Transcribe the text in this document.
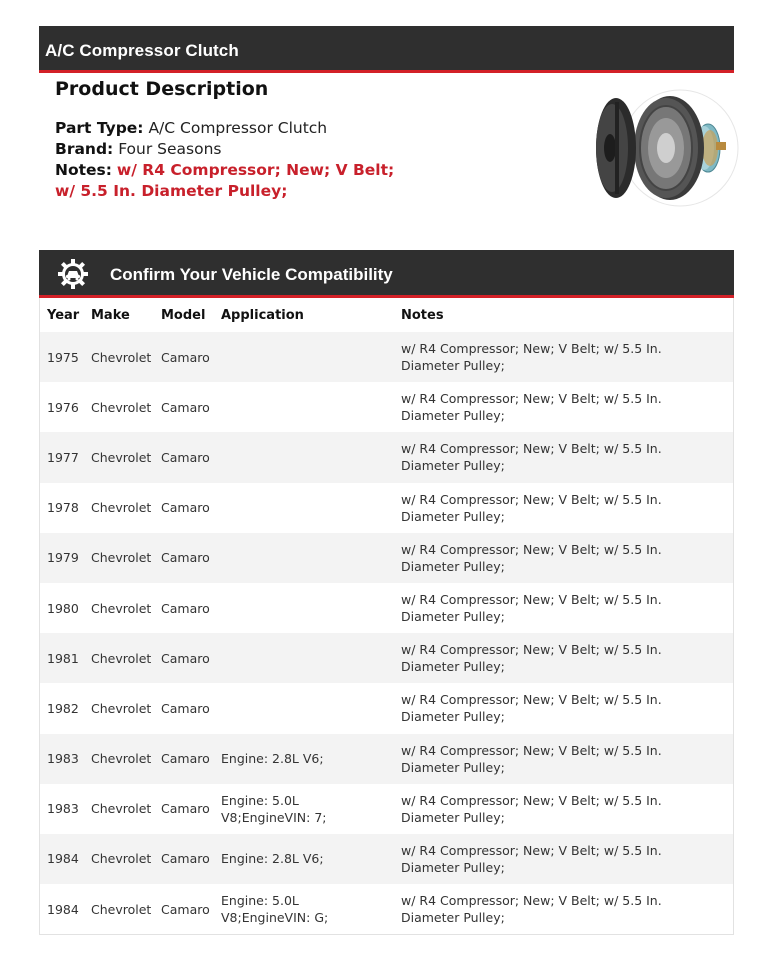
A/C Compressor Clutch
Product Description
Part Type: A/C Compressor Clutch
Brand: Four Seasons
Notes: w/ R4 Compressor; New; V Belt;
w/ 5.5 In. Diameter Pulley;
Confirm Your Vehicle Compatibility
Year	Make	Model	Application	Notes
1975	Chevrolet	Camaro		w/ R4 Compressor; New; V Belt; w/ 5.5 In. Diameter Pulley;
1976	Chevrolet	Camaro		w/ R4 Compressor; New; V Belt; w/ 5.5 In. Diameter Pulley;
1977	Chevrolet	Camaro		w/ R4 Compressor; New; V Belt; w/ 5.5 In. Diameter Pulley;
1978	Chevrolet	Camaro		w/ R4 Compressor; New; V Belt; w/ 5.5 In. Diameter Pulley;
1979	Chevrolet	Camaro		w/ R4 Compressor; New; V Belt; w/ 5.5 In. Diameter Pulley;
1980	Chevrolet	Camaro		w/ R4 Compressor; New; V Belt; w/ 5.5 In. Diameter Pulley;
1981	Chevrolet	Camaro		w/ R4 Compressor; New; V Belt; w/ 5.5 In. Diameter Pulley;
1982	Chevrolet	Camaro		w/ R4 Compressor; New; V Belt; w/ 5.5 In. Diameter Pulley;
1983	Chevrolet	Camaro	Engine: 2.8L V6;	w/ R4 Compressor; New; V Belt; w/ 5.5 In. Diameter Pulley;
1983	Chevrolet	Camaro	Engine: 5.0L V8;EngineVIN: 7;	w/ R4 Compressor; New; V Belt; w/ 5.5 In. Diameter Pulley;
1984	Chevrolet	Camaro	Engine: 2.8L V6;	w/ R4 Compressor; New; V Belt; w/ 5.5 In. Diameter Pulley;
1984	Chevrolet	Camaro	Engine: 5.0L V8;EngineVIN: G;	w/ R4 Compressor; New; V Belt; w/ 5.5 In. Diameter Pulley;
